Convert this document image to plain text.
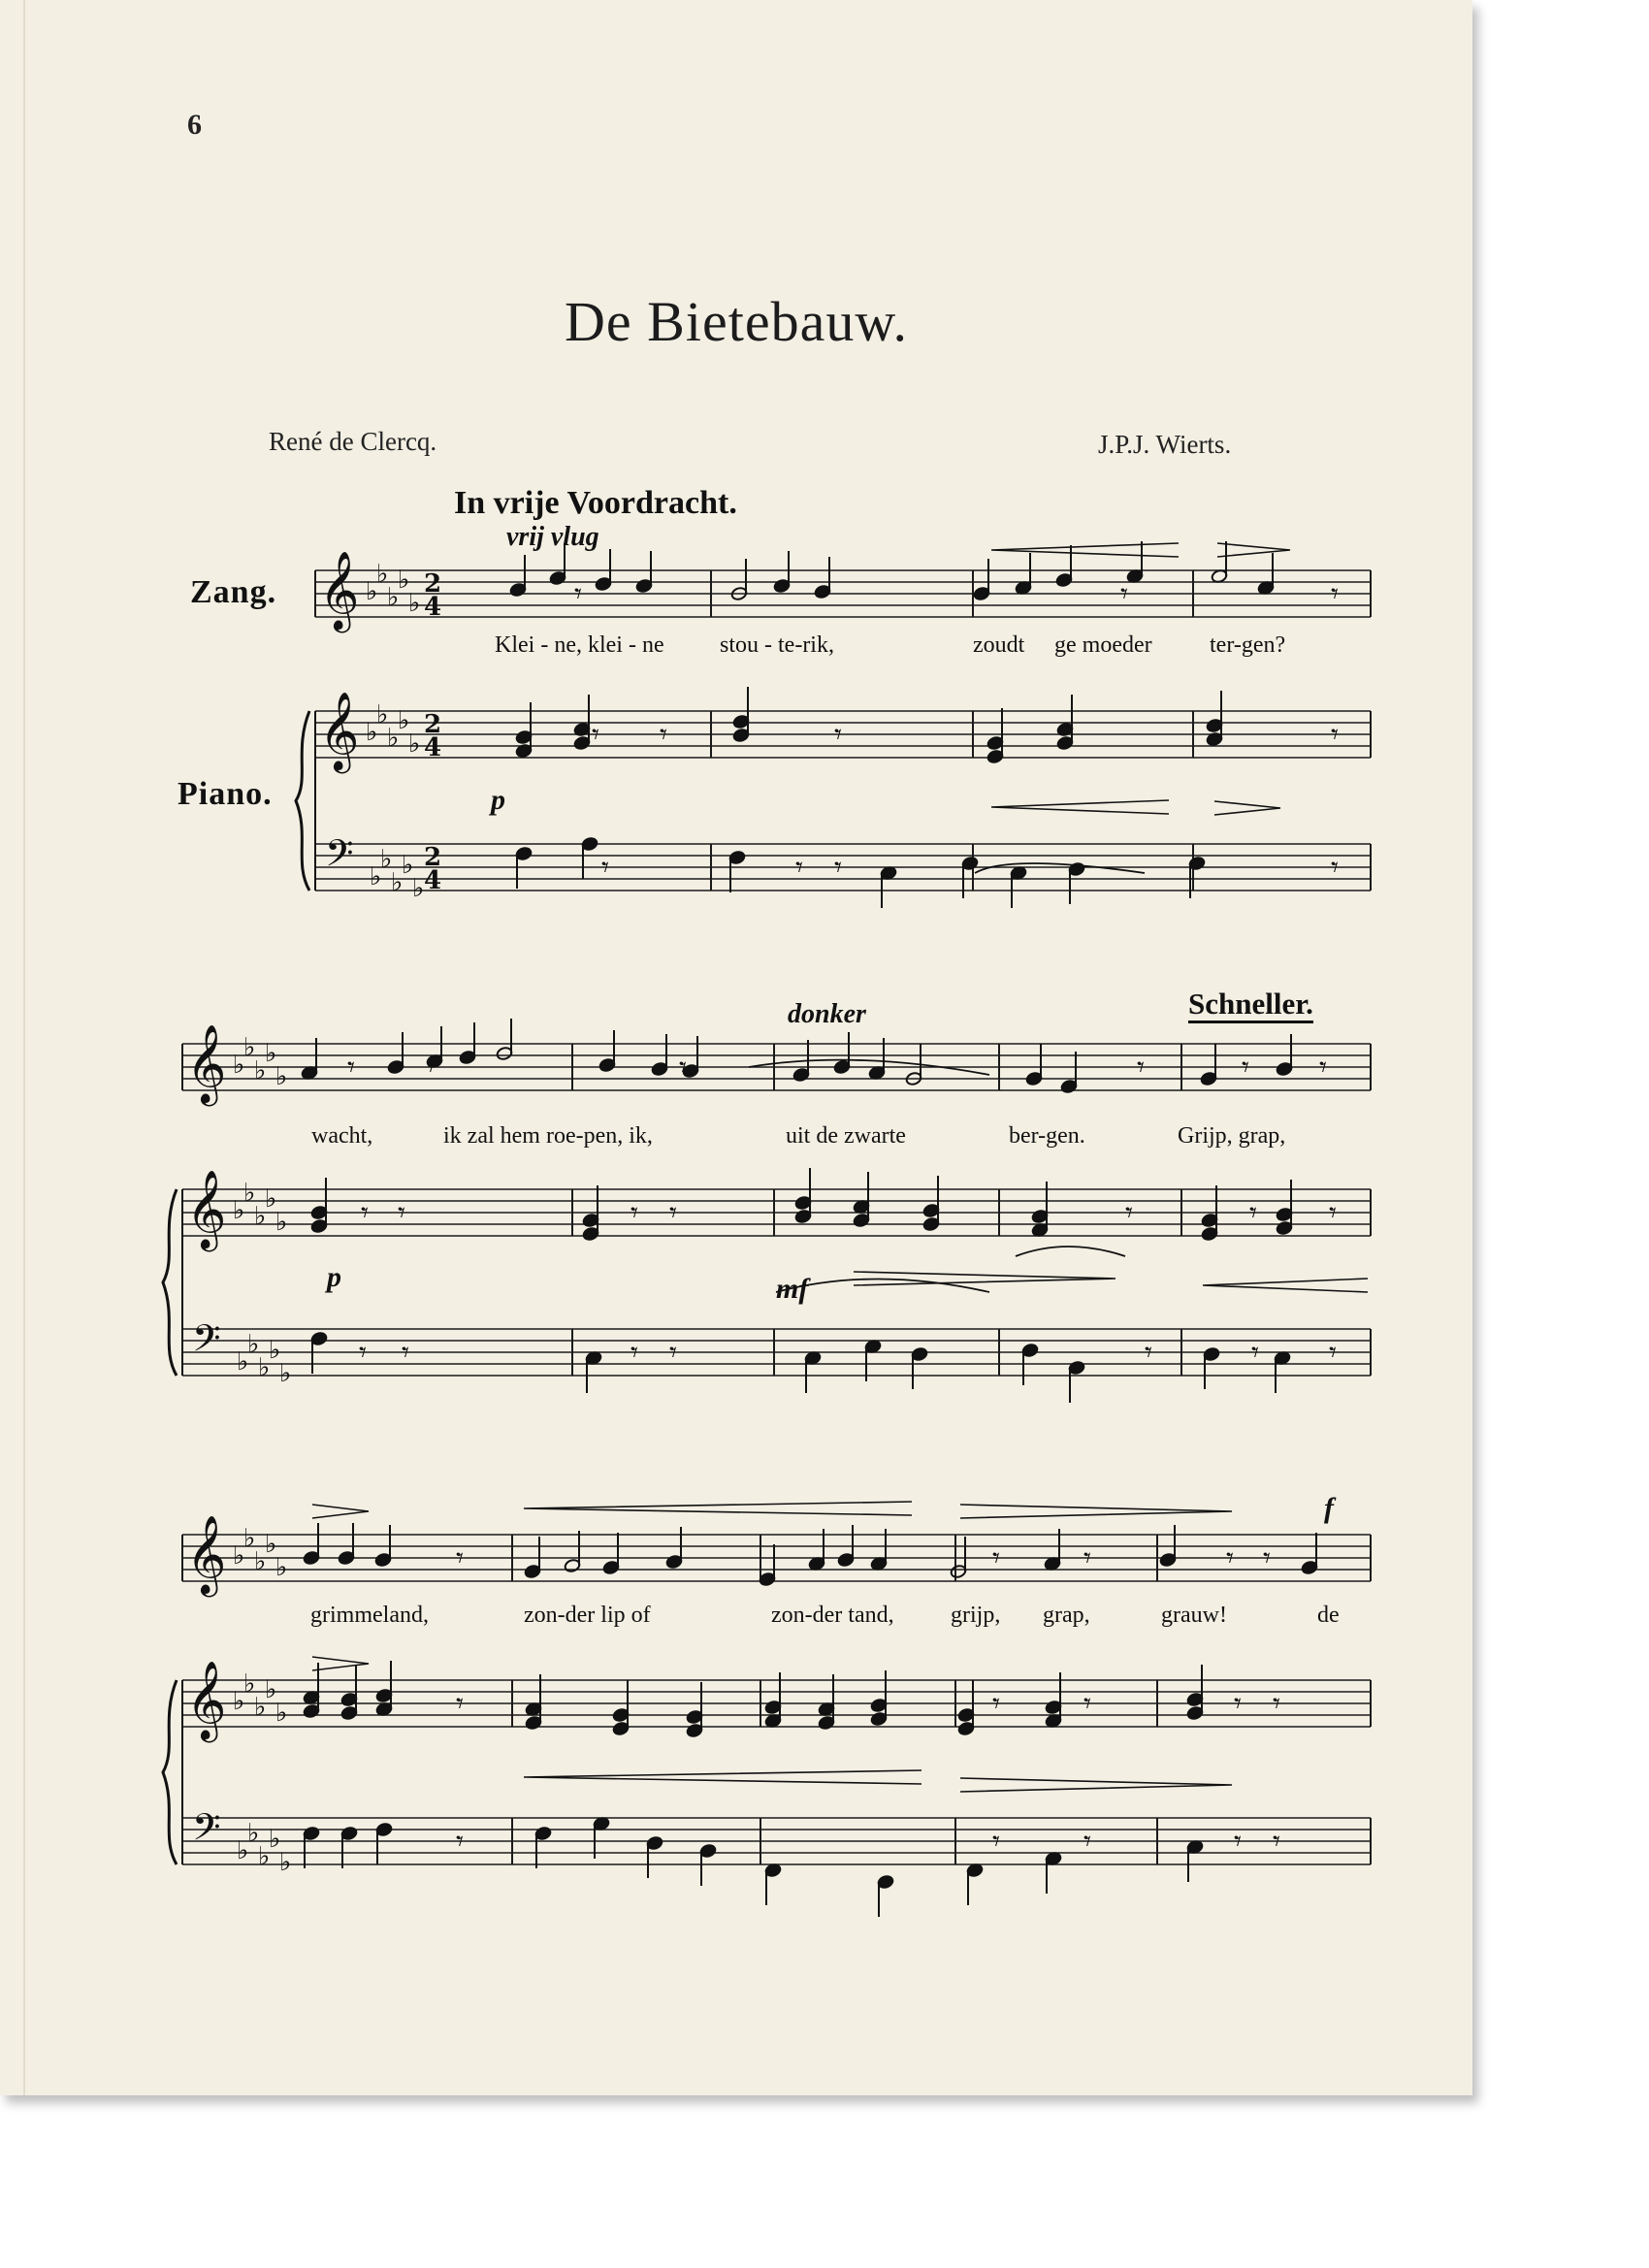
6
De Bietebauw.
René de Clercq.	J.P.J. Wierts.
In vrije Voordracht.
vrij vlug
donker	Schneller.
Zang.
Piano.	p
p	mf
f
Klei - ne, klei - ne stou - te-rik,	zoudt ge moeder ter-gen?
wacht,	ik zal hem roe-pen, ik,	uit de zwarte	ber-gen.	Grijp, grap,
grimmeland,	zon-der lip of	zon-der tand, grijp, grap,	grauw!	de
𝄞
𝄞
𝄢
♭
♭
♭
♭
♭
♭
♭
♭
♭
♭
♭
♭
♭
♭
♭
2
4
2
4
2
4
𝄞
𝄞
𝄢
♭
♭
♭
♭
♭
♭
♭
♭
♭
♭
♭
♭
♭
♭
♭
𝄞
𝄞
𝄢
♭
♭
♭
♭
♭
♭
♭
♭
♭
♭
♭
♭
♭
♭
♭
𝄾	𝄾	𝄾
𝄾 𝄾	𝄾	𝄾
𝄾	𝄾 𝄾	𝄾
𝄾 𝄾	𝄾	𝄾	𝄾 𝄾
𝄾 𝄾	𝄾 𝄾	𝄾	𝄾 𝄾
𝄾 𝄾	𝄾 𝄾	𝄾	𝄾 𝄾
𝄾	𝄾	𝄾	𝄾 𝄾
𝄾	𝄾	𝄾	𝄾 𝄾
𝄾	𝄾	𝄾	𝄾 𝄾
